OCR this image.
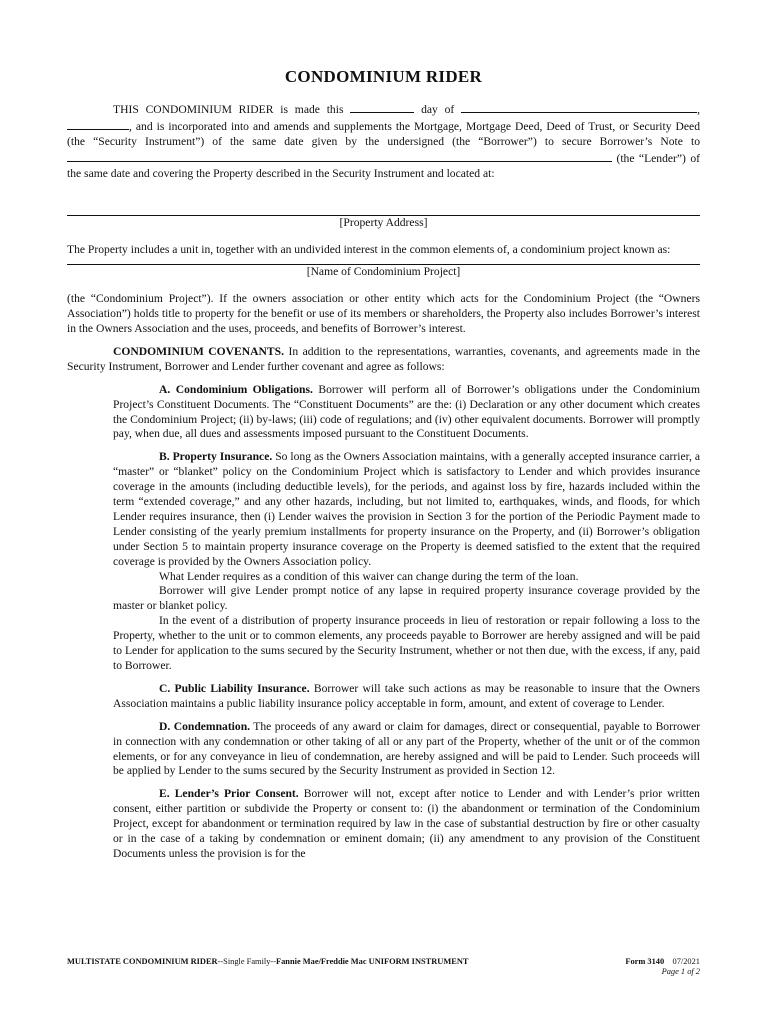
CONDOMINIUM RIDER

THIS CONDOMINIUM RIDER is made this	day of	, , and is incorporated into and amends and supplements the Mortgage, Mortgage Deed, Deed of Trust, or Security Deed (the “Security Instrument”) of the same date given by the undersigned (the “Borrower”) to secure Borrower’s Note to  (the “Lender”) of the same date and covering the Property described in the Security Instrument and located at:

[Property Address]

The Property includes a unit in, together with an undivided interest in the common elements of, a condominium project known as:

[Name of Condominium Project]

(the “Condominium Project”). If the owners association or other entity which acts for the Condominium Project (the “Owners Association”) holds title to property for the benefit or use of its members or shareholders, the Property also includes Borrower’s interest in the Owners Association and the uses, proceeds, and benefits of Borrower’s interest.

CONDOMINIUM COVENANTS. In addition to the representations, warranties, covenants, and agreements made in the Security Instrument, Borrower and Lender further covenant and agree as follows:

A. Condominium Obligations. Borrower will perform all of Borrower’s obligations under the Condominium Project’s Constituent Documents. The “Constituent Documents” are the: (i) Declaration or any other document which creates the Condominium Project; (ii) by-laws; (iii) code of regulations; and (iv) other equivalent documents. Borrower will promptly pay, when due, all dues and assessments imposed pursuant to the Constituent Documents.

B. Property Insurance. So long as the Owners Association maintains, with a generally accepted insurance carrier, a “master” or “blanket” policy on the Condominium Project which is satisfactory to Lender and which provides insurance coverage in the amounts (including deductible levels), for the periods, and against loss by fire, hazards included within the term “extended coverage,” and any other hazards, including, but not limited to, earthquakes, winds, and floods, for which Lender requires insurance, then (i) Lender waives the provision in Section 3 for the portion of the Periodic Payment made to Lender consisting of the yearly premium installments for property insurance on the Property, and (ii) Borrower’s obligation under Section 5 to maintain property insurance coverage on the Property is deemed satisfied to the extent that the required coverage is provided by the Owners Association policy.

What Lender requires as a condition of this waiver can change during the term of the loan.

Borrower will give Lender prompt notice of any lapse in required property insurance coverage provided by the master or blanket policy.

In the event of a distribution of property insurance proceeds in lieu of restoration or repair following a loss to the Property, whether to the unit or to common elements, any proceeds payable to Borrower are hereby assigned and will be paid to Lender for application to the sums secured by the Security Instrument, whether or not then due, with the excess, if any, paid to Borrower.

C. Public Liability Insurance. Borrower will take such actions as may be reasonable to insure that the Owners Association maintains a public liability insurance policy acceptable in form, amount, and extent of coverage to Lender.

D. Condemnation. The proceeds of any award or claim for damages, direct or consequential, payable to Borrower in connection with any condemnation or other taking of all or any part of the Property, whether of the unit or of the common elements, or for any conveyance in lieu of condemnation, are hereby assigned and will be paid to Lender. Such proceeds will be applied by Lender to the sums secured by the Security Instrument as provided in Section 12.

E. Lender’s Prior Consent. Borrower will not, except after notice to Lender and with Lender’s prior written consent, either partition or subdivide the Property or consent to: (i) the abandonment or termination of the Condominium Project, except for abandonment or termination required by law in the case of substantial destruction by fire or other casualty or in the case of a taking by condemnation or eminent domain; (ii) any amendment to any provision of the Constituent Documents unless the provision is for the

MULTISTATE CONDOMINIUM RIDER--Single Family--Fannie Mae/Freddie Mac UNIFORM INSTRUMENT	Form 3140 07/2021
Page 1 of 2
